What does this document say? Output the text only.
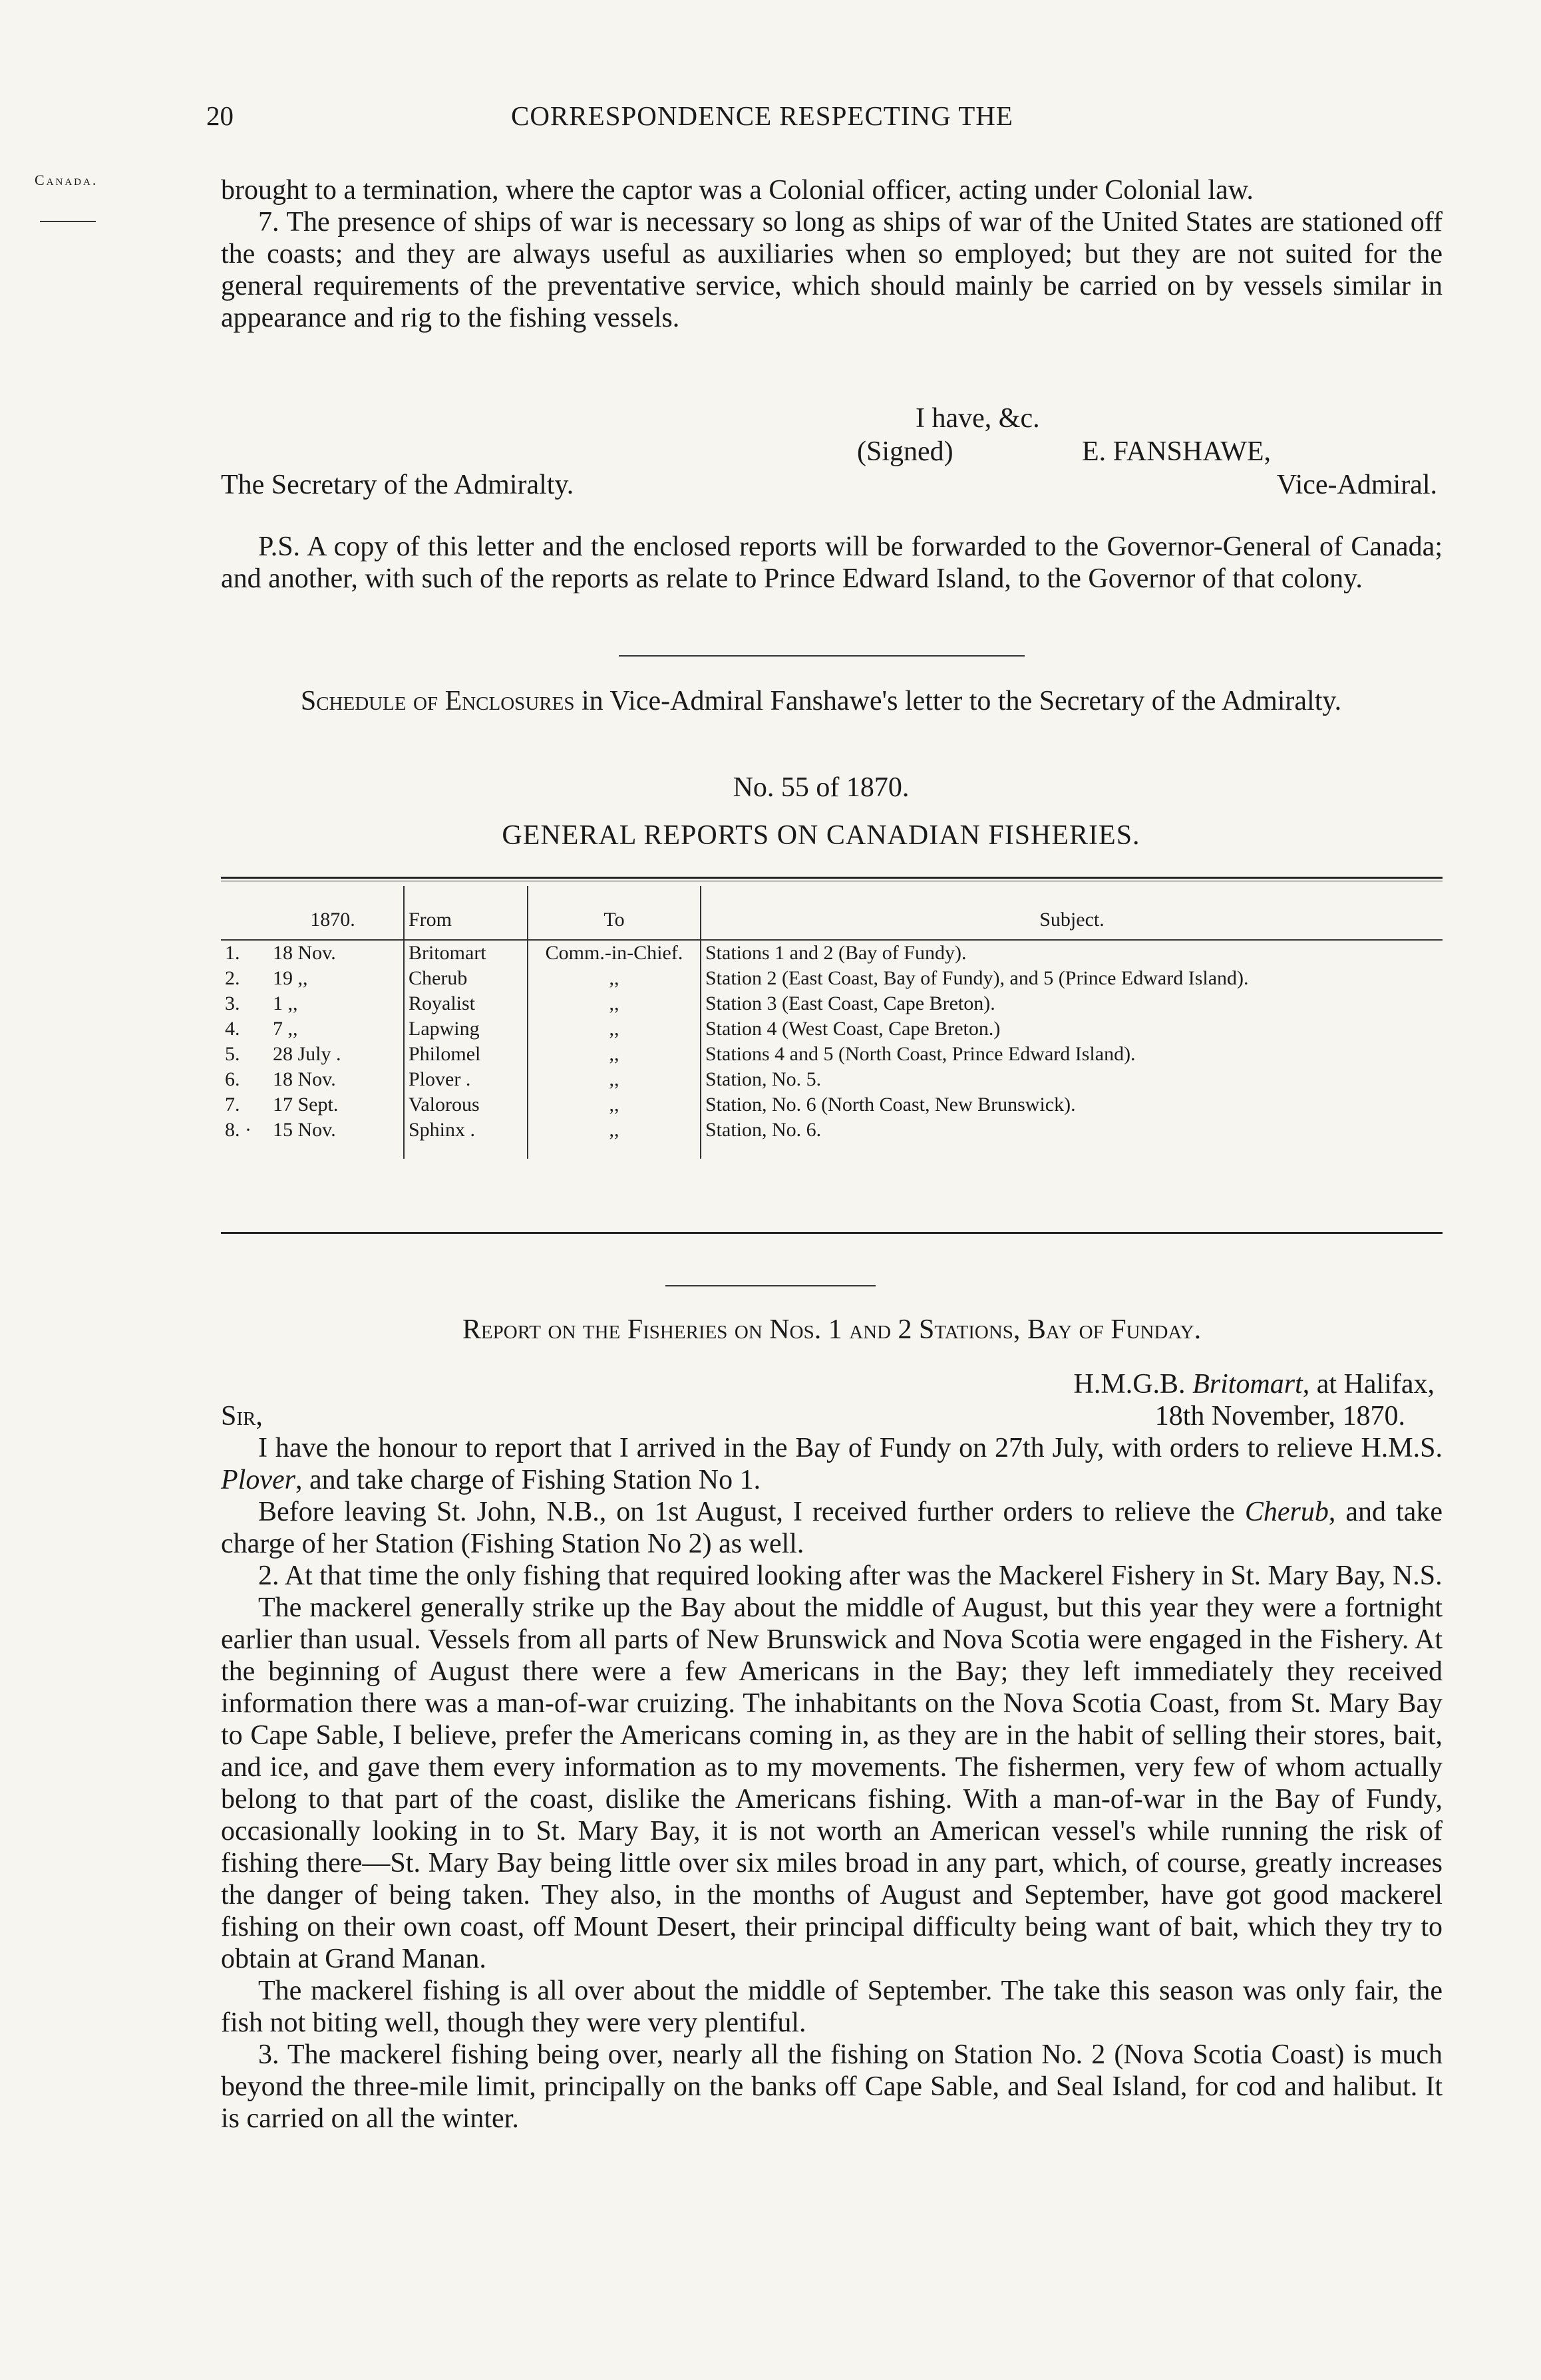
20	CORRESPONDENCE RESPECTING THE
Canada.	brought to a termination, where the captor was a Colonial officer, acting under Colonial law.

7. The presence of ships of war is necessary so long as ships of war of the United States are stationed off the coasts; and they are always useful as auxiliaries when so employed; but they are not suited for the general requirements of the preventative service, which should mainly be carried on by vessels similar in appearance and rig to the fishing vessels.

I have, &c.
(Signed)	E. FANSHAWE,
The Secretary of the Admiralty.	Vice-Admiral.

P.S. A copy of this letter and the enclosed reports will be forwarded to the Governor-General of Canada; and another, with such of the reports as relate to Prince Edward Island, to the Governor of that colony.

Schedule of Enclosures in Vice-Admiral Fanshawe's letter to the Secretary of the Admiralty.
No. 55 of 1870.
GENERAL REPORTS ON CANADIAN FISHERIES.
	1870.	From	To	Subject.
1.	18 Nov.	Britomart	Comm.-in-Chief.	Stations 1 and 2 (Bay of Fundy).
2.	19 ,,	Cherub	,,	Station 2 (East Coast, Bay of Fundy), and 5 (Prince Edward Island).
3.	1 ,,	Royalist	,,	Station 3 (East Coast, Cape Breton).
4.	7 ,,	Lapwing	,,	Station 4 (West Coast, Cape Breton.)
5.	28 July .	Philomel	,,	Stations 4 and 5 (North Coast, Prince Edward Island).
6.	18 Nov.	Plover .	,,	Station, No. 5.
7.	17 Sept.	Valorous	,,	Station, No. 6 (North Coast, New Brunswick).
8. ·	15 Nov.	Sphinx .	,,	Station, No. 6.

Report on the Fisheries on Nos. 1 and 2 Stations, Bay of Funday.

H.M.G.B. Britomart, at Halifax,

Sir,	18th November, 1870.

I have the honour to report that I arrived in the Bay of Fundy on 27th July, with orders to relieve H.M.S. Plover, and take charge of Fishing Station No 1.

Before leaving St. John, N.B., on 1st August, I received further orders to relieve the Cherub, and take charge of her Station (Fishing Station No 2) as well.

2. At that time the only fishing that required looking after was the Mackerel Fishery in St. Mary Bay, N.S.

The mackerel generally strike up the Bay about the middle of August, but this year they were a fortnight earlier than usual. Vessels from all parts of New Brunswick and Nova Scotia were engaged in the Fishery. At the beginning of August there were a few Americans in the Bay; they left immediately they received information there was a man-of-war cruizing. The inhabitants on the Nova Scotia Coast, from St. Mary Bay to Cape Sable, I believe, prefer the Americans coming in, as they are in the habit of selling their stores, bait, and ice, and gave them every information as to my movements. The fishermen, very few of whom actually belong to that part of the coast, dislike the Americans fishing. With a man-of-war in the Bay of Fundy, occasionally looking in to St. Mary Bay, it is not worth an American vessel's while running the risk of fishing there—St. Mary Bay being little over six miles broad in any part, which, of course, greatly increases the danger of being taken. They also, in the months of August and September, have got good mackerel fishing on their own coast, off Mount Desert, their principal difficulty being want of bait, which they try to obtain at Grand Manan.

The mackerel fishing is all over about the middle of September. The take this season was only fair, the fish not biting well, though they were very plentiful.

3. The mackerel fishing being over, nearly all the fishing on Station No. 2 (Nova Scotia Coast) is much beyond the three-mile limit, principally on the banks off Cape Sable, and Seal Island, for cod and halibut. It is carried on all the winter.
